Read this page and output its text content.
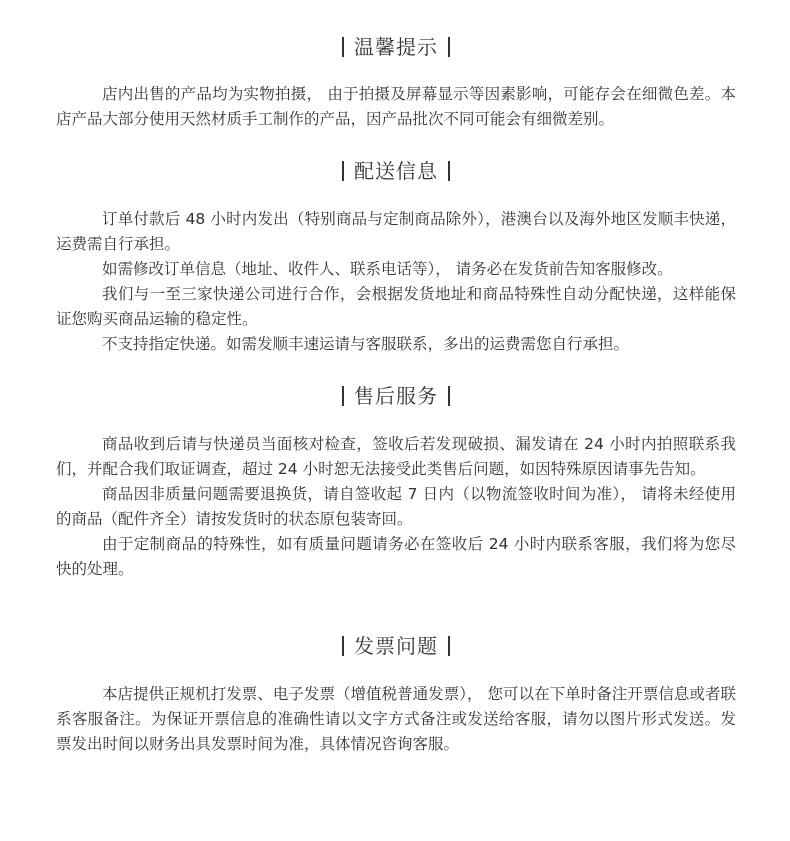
温馨提示

店内出售的产品均为实物拍摄， 由于拍摄及屏幕显示等因素影响，可能存会在细微色差。本店产品大部分使用天然材质手工制作的产品，因产品批次不同可能会有细微差别。

配送信息

订单付款后 48 小时内发出（特别商品与定制商品除外），港澳台以及海外地区发顺丰快递，运费需自行承担。

如需修改订单信息（地址、收件人、联系电话等）， 请务必在发货前告知客服修改。

我们与一至三家快递公司进行合作，会根据发货地址和商品特殊性自动分配快递，这样能保证您购买商品运输的稳定性。

不支持指定快递。如需发顺丰速运请与客服联系，多出的运费需您自行承担。

售后服务

商品收到后请与快递员当面核对检查，签收后若发现破损、漏发请在 24 小时内拍照联系我们，并配合我们取证调查，超过 24 小时恕无法接受此类售后问题，如因特殊原因请事先告知。

商品因非质量问题需要退换货，请自签收起 7 日内（以物流签收时间为准）， 请将未经使用的商品（配件齐全）请按发货时的状态原包装寄回。

由于定制商品的特殊性，如有质量问题请务必在签收后 24 小时内联系客服，我们将为您尽快的处理。

发票问题

本店提供正规机打发票、电子发票（增值税普通发票）， 您可以在下单时备注开票信息或者联系客服备注。为保证开票信息的准确性请以文字方式备注或发送给客服，请勿以图片形式发送。发票发出时间以财务出具发票时间为准，具体情况咨询客服。
